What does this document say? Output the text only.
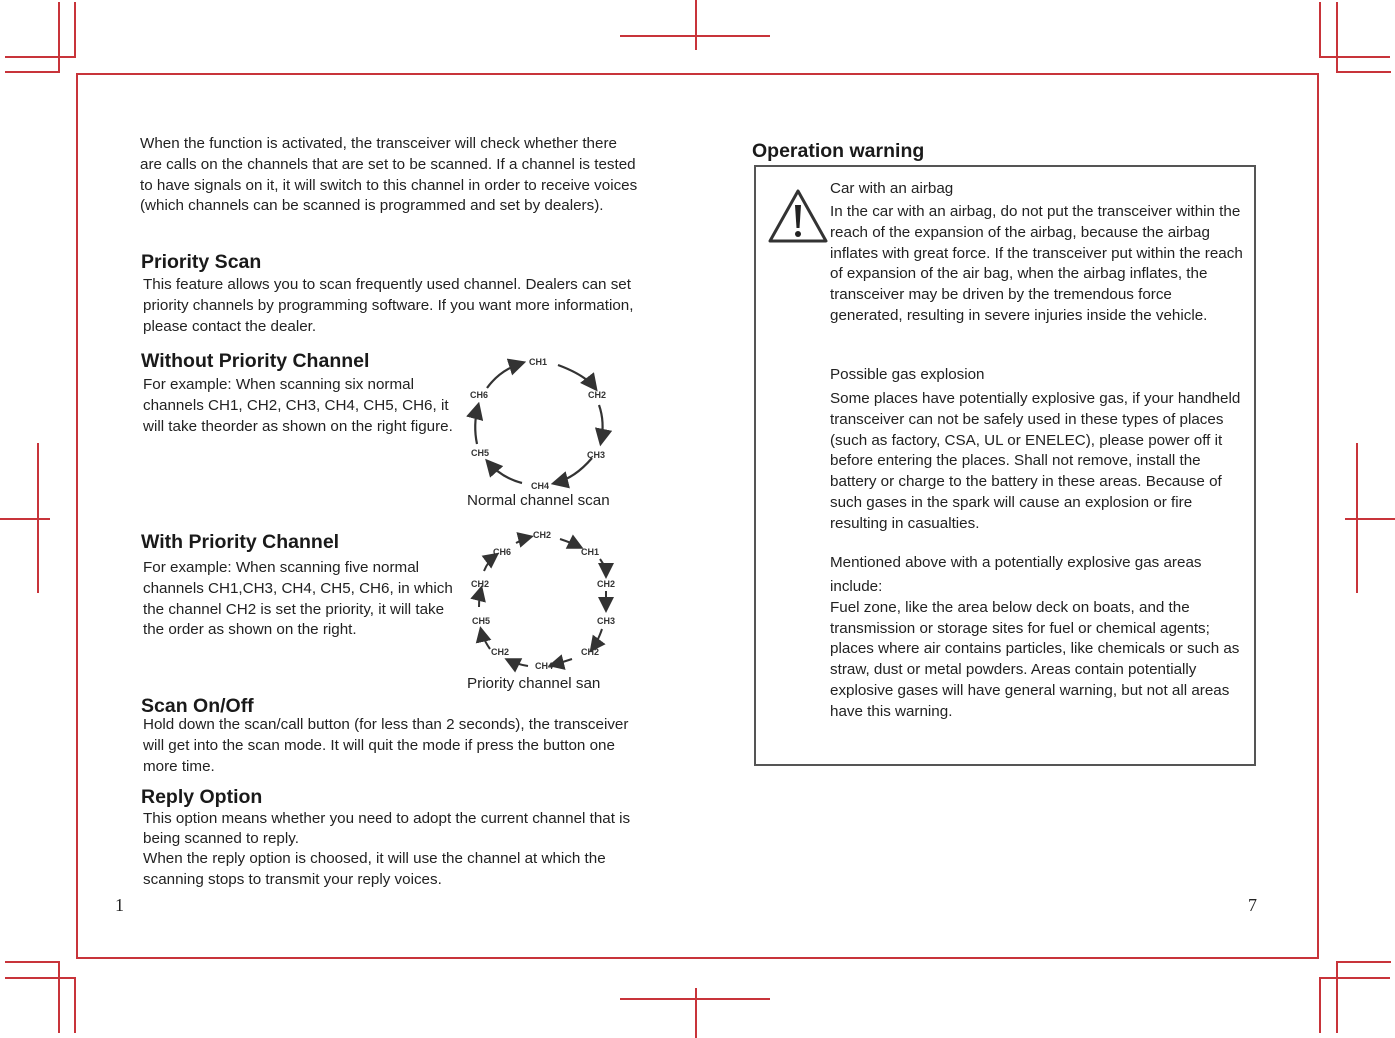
When the function is activated, the transceiver will check whether there are calls on the channels that are set to be scanned. If a channel is tested to have signals on it, it will switch to this channel in order to receive voices (which channels can be scanned is programmed and set by dealers).

Priority Scan

This feature allows you to scan frequently used channel. Dealers can set priority channels by programming software. If you want more information, please contact the dealer.

Without Priority Channel

For example: When scanning six normal channels CH1, CH2, CH3, CH4, CH5, CH6, it will take theorder as shown on the right figure.

CH1
CH2
CH3
CH4
CH5
CH6
Normal channel scan
With Priority Channel

For example: When scanning five normal channels CH1,CH3, CH4, CH5, CH6, in which the channel CH2 is set the priority, it will take the order as shown on the right.

CH2
CH1
CH2
CH3
CH2
CH4
CH2
CH5
CH2
CH6
Priority channel san
Scan On/Off

Hold down the scan/call button (for less than 2 seconds), the transceiver will get into the scan mode. It will quit the mode if press the button one more time.

Reply Option

This option means whether you need to adopt the current channel that is being scanned to reply.

When the reply option is choosed, it will use the channel at which the scanning stops to transmit your reply voices.

1
Operation warning
Car with an airbag

In the car with an airbag, do not put the transceiver within the reach of the expansion of the airbag, because the airbag inflates with great force. If the transceiver put within the reach of expansion of the air bag, when the airbag inflates, the transceiver may be driven by the tremendous force generated, resulting in severe injuries inside the vehicle.

Possible gas explosion

Some places have potentially explosive gas, if your handheld transceiver can not be safely used in these types of places (such as factory, CSA, UL or ENELEC), please power off it before entering the places. Shall not remove, install the battery or charge to the battery in these areas. Because of such gases in the spark will cause an explosion or fire resulting in casualties.

Mentioned above with a potentially explosive gas areas

include:
Fuel zone, like the area below deck on boats, and the transmission or storage sites for fuel or chemical agents; places where air contains particles, like chemicals or such as straw, dust or metal powders. Areas contain potentially explosive gases will have general warning, but not all areas have this warning.

7
